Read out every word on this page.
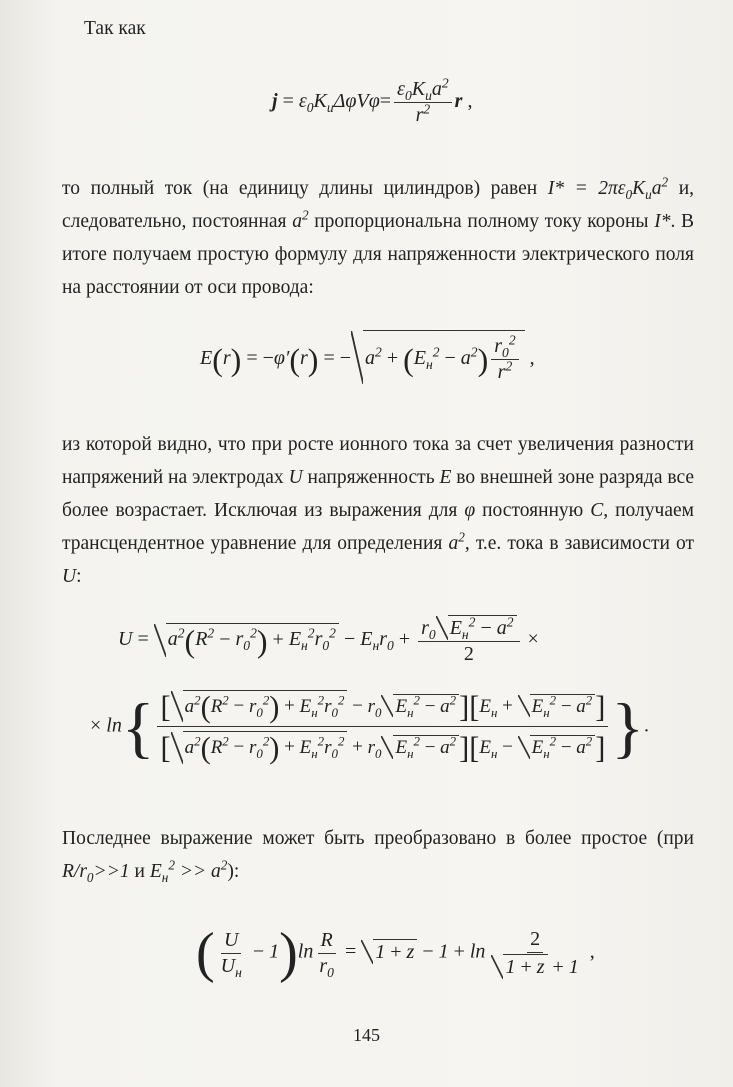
Так как
$j = \varepsilon_0K_и\Delta\varphi V\varphi= \frac{\varepsilon_0K_иa^2}{r^2}$ r ,
то полный ток (на единицу длины цилиндров) равен $I* = 2\pi\varepsilon_0K_иa^2$ и, следовательно, постоянная $a^2$ пропорциональна полному току короны I*. В итоге получаем простую формулу для напряженности электрического поля на расстоянии от оси провода:
E(r) = −φ′(r) = − $a^2 + (E_н^2 - a^2) \frac{r_0^2}{r^2}$ ,
из которой видно, что при росте ионного тока за счет увеличения разности напряжений на электродах U напряженность E во внешней зоне разряда все более возрастает. Исключая из выражения для φ постоянную C, получаем трансцендентное уравнение для определения $a^2$, т.е. тока в зависимости от U:
$U = a^2(R^2 - r_0^2) + E_н^2r_0^2 - E_нr_0 + \frac{r_0 E_н^2 - a^2}{2}$ ×
× $\ln\{ \frac{[ a^2(R^2 - r_0^2) + E_н^2r_0^2 - r_0 E_н^2 - a^2][E_н + E_н^2 - a^2]}{[ a^2(R^2 - r_0^2) + E_н^2r_0^2 + r_0 E_н^2 - a^2][E_н - E_н^2 - a^2]}$ }.
Последнее выражение может быть преобразовано в более простое (при $R/r_0>>1$ и $E_н^2 >> a^2$):
( $\frac{U}{U_н} - 1)\ln \frac{R}{r_0} = 1 + z - 1 + \ln \frac{2}{1 + z + 1}$ ,
145
